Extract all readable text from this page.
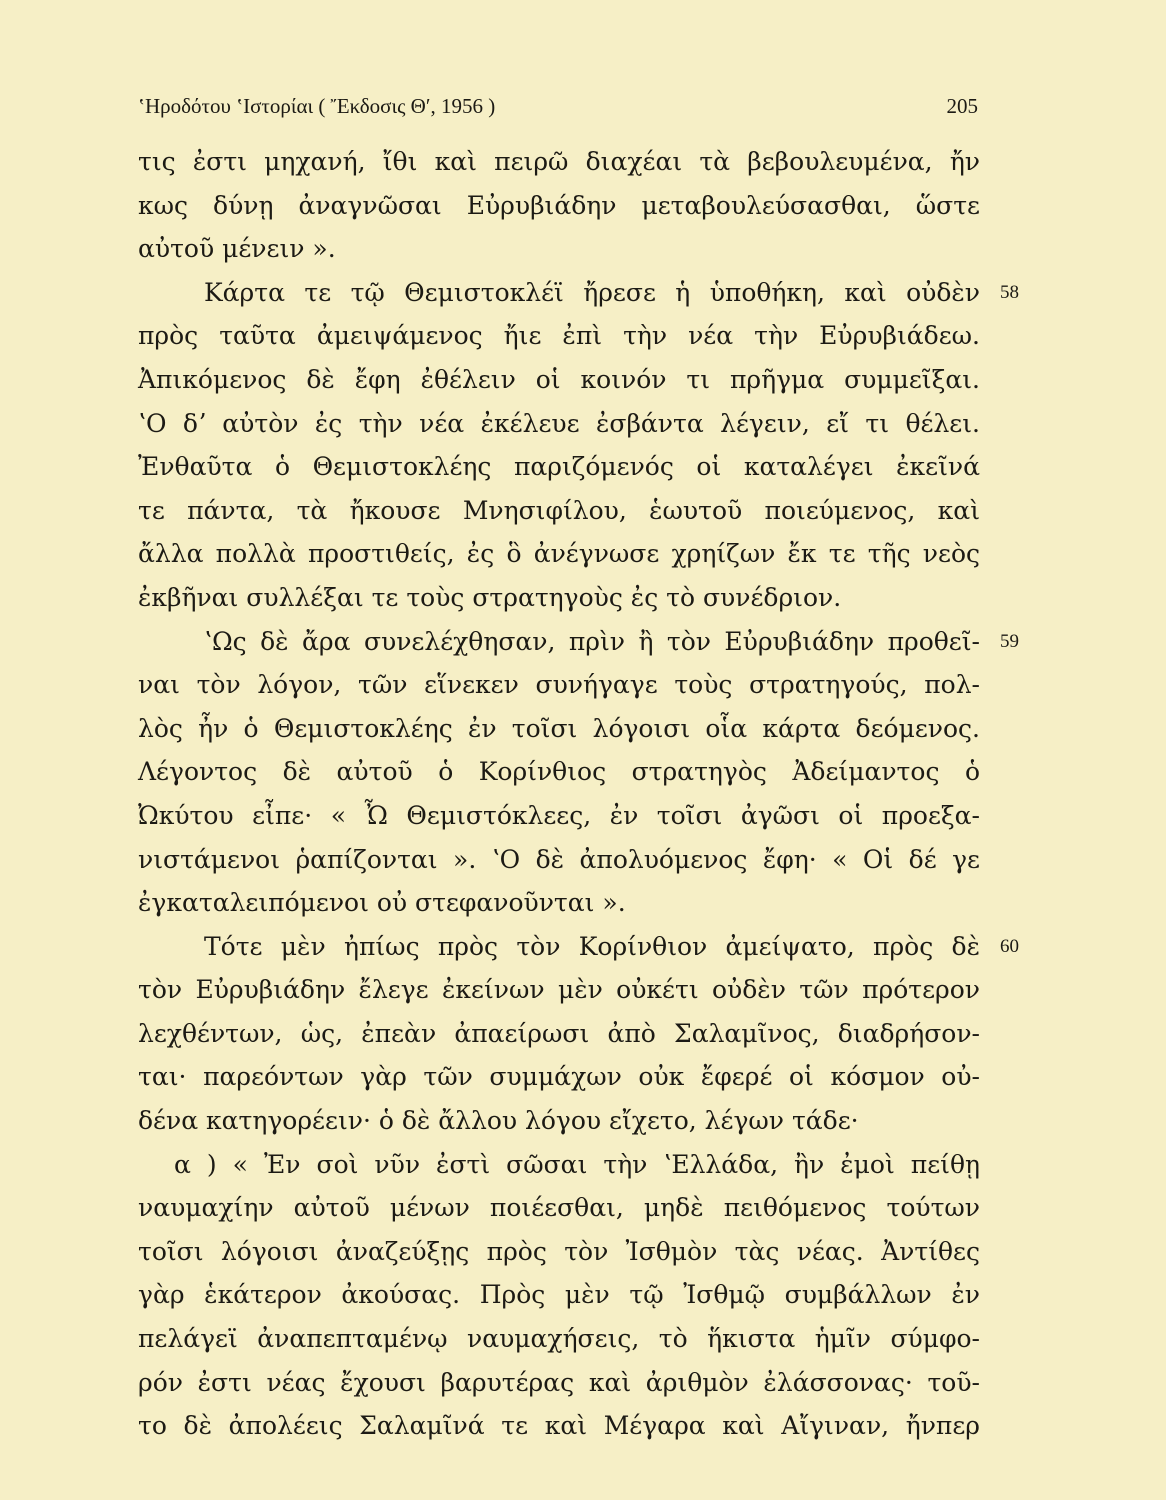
ʽΗροδότου ʽΙστορίαι ( Ἔκδοσις Θʹ, 1956 )	205
τις ἐστι μηχανή, ἴθι καὶ πειρῶ διαχέαι τὰ βεβουλευμένα, ἤν
κως δύνῃ ἀναγνῶσαι Εὐρυβιάδην μεταβουλεύσασθαι, ὥστε
αὐτοῦ μένειν ».
Κάρτα τε τῷ Θεμιστοκλέϊ ἤρεσε ἡ ὑποθήκη, καὶ οὐδὲν 58
πρὸς ταῦτα ἀμειψάμενος ἤιε ἐπὶ τὴν νέα τὴν Εὐρυβιάδεω.
Ἀπικόμενος δὲ ἔφη ἐθέλειν οἱ κοινόν τι πρῆγμα συμμεῖξαι.
ʽΟ δʼ αὐτὸν ἐς τὴν νέα ἐκέλευε ἐσβάντα λέγειν, εἴ τι θέλει.
Ἐνθαῦτα ὁ Θεμιστοκλέης παριζόμενός οἱ καταλέγει ἐκεῖνά
τε πάντα, τὰ ἤκουσε Μνησιφίλου, ἑωυτοῦ ποιεύμενος, καὶ
ἄλλα πολλὰ προστιθείς, ἐς ὃ ἀνέγνωσε χρηίζων ἔκ τε τῆς νεὸς
ἐκβῆναι συλλέξαι τε τοὺς στρατηγοὺς ἐς τὸ συνέδριον.
ʽΩς δὲ ἄρα συνελέχθησαν, πρὶν ἢ τὸν Εὐρυβιάδην προθεῖ- 59
ναι τὸν λόγον, τῶν εἵνεκεν συνήγαγε τοὺς στρατηγούς, πολ-
λὸς ἦν ὁ Θεμιστοκλέης ἐν τοῖσι λόγοισι οἷα κάρτα δεόμενος.
Λέγοντος δὲ αὐτοῦ ὁ Κορίνθιος στρατηγὸς Ἀδείμαντος ὁ
Ὠκύτου εἶπε· « Ὦ Θεμιστόκλεες, ἐν τοῖσι ἀγῶσι οἱ προεξα-
νιστάμενοι ῥαπίζονται ». ʽΟ δὲ ἀπολυόμενος ἔφη· « Οἱ δέ γε
ἐγκαταλειπόμενοι οὐ στεφανοῦνται ».
Τότε μὲν ἠπίως πρὸς τὸν Κορίνθιον ἀμείψατο, πρὸς δὲ 60
τὸν Εὐρυβιάδην ἔλεγε ἐκείνων μὲν οὐκέτι οὐδὲν τῶν πρότερον
λεχθέντων, ὡς, ἐπεὰν ἀπαείρωσι ἀπὸ Σαλαμῖνος, διαδρήσον-
ται· παρεόντων γὰρ τῶν συμμάχων οὐκ ἔφερέ οἱ κόσμον οὐ-
δένα κατηγορέειν· ὁ δὲ ἄλλου λόγου εἴχετο, λέγων τάδε·
α ) « Ἐν σοὶ νῦν ἐστὶ σῶσαι τὴν ʽΕλλάδα, ἢν ἐμοὶ πείθῃ
ναυμαχίην αὐτοῦ μένων ποιέεσθαι, μηδὲ πειθόμενος τούτων
τοῖσι λόγοισι ἀναζεύξῃς πρὸς τὸν Ἰσθμὸν τὰς νέας. Ἀντίθες
γὰρ ἑκάτερον ἀκούσας. Πρὸς μὲν τῷ Ἰσθμῷ συμβάλλων ἐν
πελάγεϊ ἀναπεπταμένῳ ναυμαχήσεις, τὸ ἥκιστα ἡμῖν σύμφο-
ρόν ἐστι νέας ἔχουσι βαρυτέρας καὶ ἀριθμὸν ἐλάσσονας· τοῦ-
το δὲ ἀπολέεις Σαλαμῖνά τε καὶ Μέγαρα καὶ Αἴγιναν, ἤνπερ
